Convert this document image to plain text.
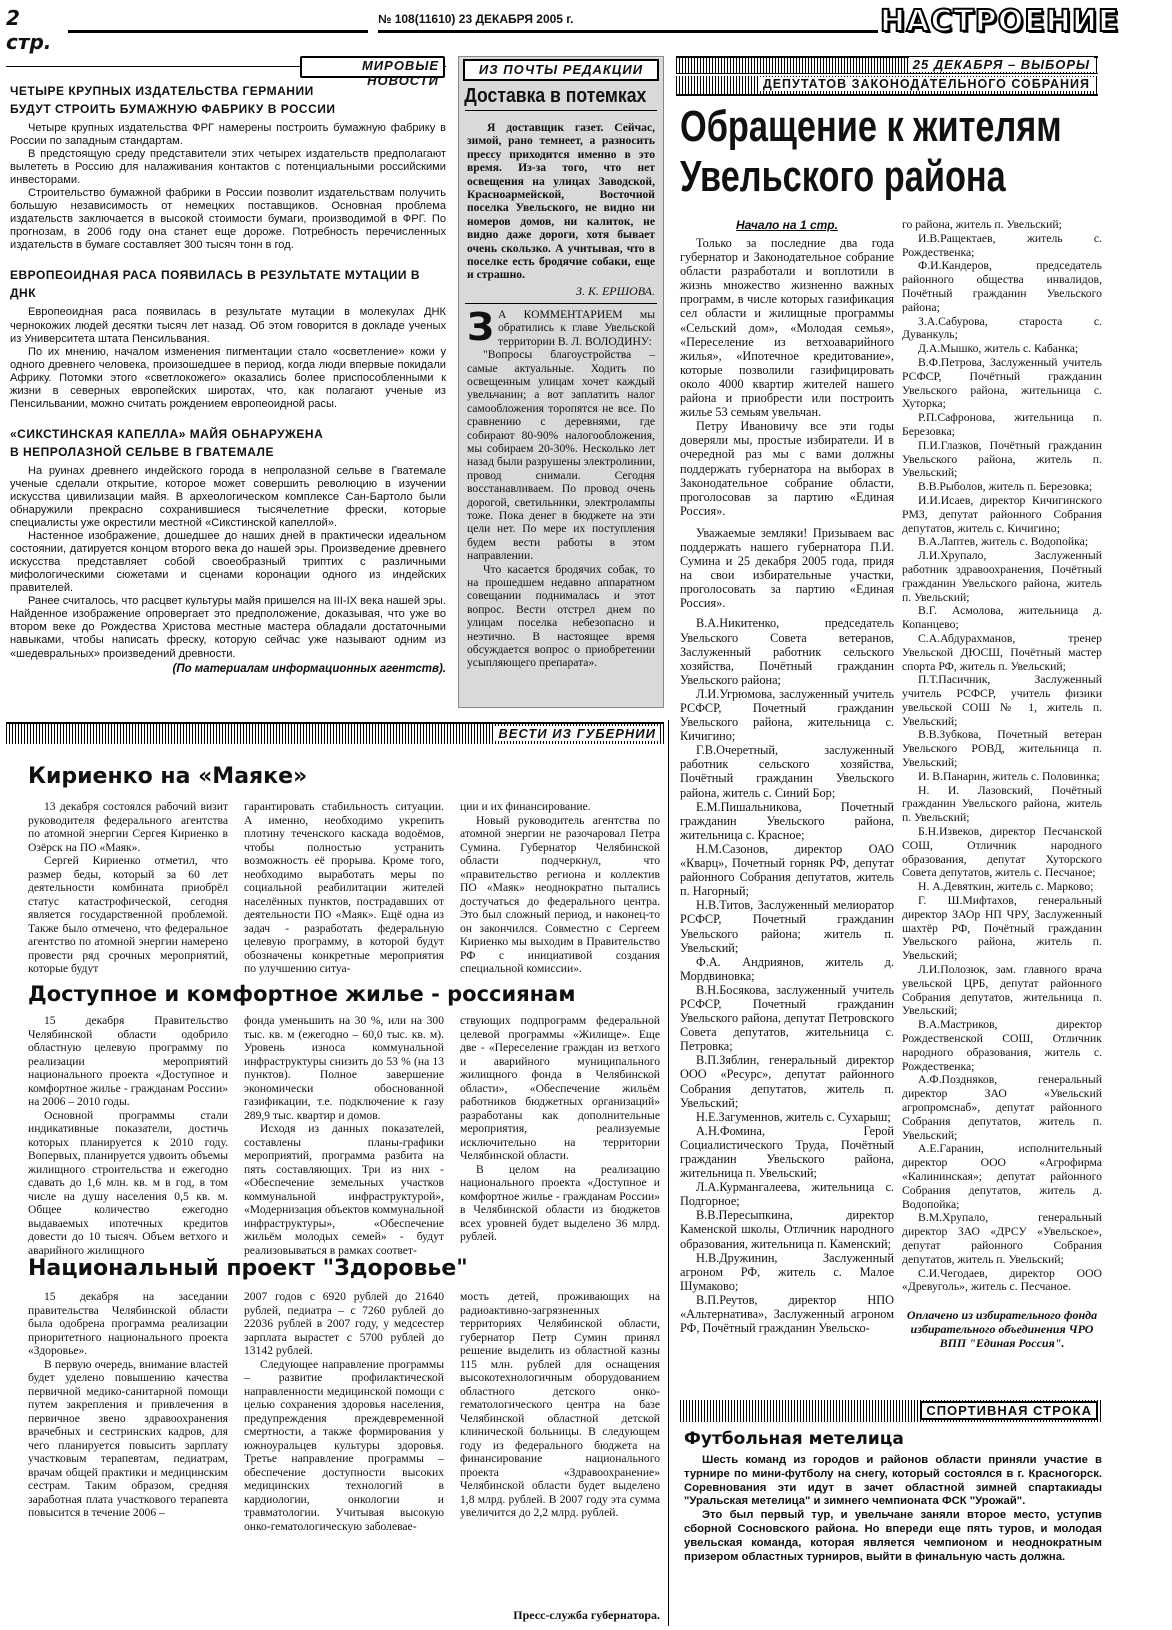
2 стр.
№ 108(11610) 23 ДЕКАБРЯ 2005 г.	НАСТРОЕНИЕ
МИРОВЫЕ НОВОСТИ
ЧЕТЫРЕ КРУПНЫХ ИЗДАТЕЛЬСТВА ГЕРМАНИИ
БУДУТ СТРОИТЬ БУМАЖНУЮ ФАБРИКУ В РОССИИ

Четыре крупных издательства ФРГ намерены построить бумажную фабрику в России по западным стандартам.

В предстоящую среду представители этих четырех издательств предполагают вылететь в Россию для налаживания контактов с потенциальными российскими инвесторами.

Строительство бумажной фабрики в России позволит издательствам получить большую независимость от немецких поставщиков. Основная проблема издательств заключается в высокой стоимости бумаги, производимой в ФРГ. По прогнозам, в 2006 году она станет еще дороже. Потребность перечисленных издательств в бумаге составляет 300 тысяч тонн в год.

ЕВРОПЕОИДНАЯ РАСА ПОЯВИЛАСЬ В РЕЗУЛЬТАТЕ МУТАЦИИ В ДНК

Европеоидная раса появилась в результате мутации в молекулах ДНК чернокожих людей десятки тысяч лет назад. Об этом говорится в докладе ученых из Университета штата Пенсильвания.

По их мнению, началом изменения пигментации стало «осветление» кожи у одного древнего человека, произошедшее в период, когда люди впервые покидали Африку. Потомки этого «светлокожего» оказались более приспособленными к жизни в северных европейских широтах, что, как полагают ученые из Пенсильвании, можно считать рождением европеоидной расы.

«СИКСТИНСКАЯ КАПЕЛЛА» МАЙЯ ОБНАРУЖЕНА
В НЕПРОЛАЗНОЙ СЕЛЬВЕ В ГВАТЕМАЛЕ

На руинах древнего индейского города в непролазной сельве в Гватемале ученые сделали открытие, которое может совершить революцию в изучении искусства цивилизации майя. В археологическом комплексе Сан-Бартоло были обнаружили прекрасно сохранившиеся тысячелетние фрески, которые специалисты уже окрестили местной «Сикстинской капеллой».

Настенное изображение, дошедшее до наших дней в практически идеальном состоянии, датируется концом второго века до нашей эры. Произведение древнего искусства представляет собой своеобразный триптих с различными мифологическими сюжетами и сценами коронации одного из индейских правителей.

Ранее считалось, что расцвет культуры майя пришелся на III-IX века нашей эры. Найденное изображение опровергает это предположение, доказывая, что уже во втором веке до Рождества Христова местные мастера обладали достаточными навыками, чтобы написать фреску, которую сейчас уже называют одним из «шедевральных» произведений древности.

(По материалам информационных агентств).
ИЗ ПОЧТЫ РЕДАКЦИИ
Доставка в потемках
Я доставщик газет. Сейчас, зимой, рано темнеет, а разносить прессу приходится именно в это время. Из-за того, что нет освещения на улицах Заводской, Красноармейской, Восточной поселка Увельского, не видно ни номеров домов, ни калиток, не видно даже дороги, хотя бывает очень скользко. А учитывая, что в поселке есть бродячие собаки, еще и страшно.
З. К. ЕРШОВА.
З А КОММЕНТАРИЕМ мы обратились к главе Увельской территории В. Л. ВОЛОДИНУ:

"Вопросы благоустройства – самые актуальные. Ходить по освещенным улицам хочет каждый увельчанин; а вот заплатить налог самообложения торопятся не все. По сравнению с деревнями, где собирают 80-90% налогообложения, мы собираем 20-30%. Несколько лет назад были разрушены электролинии, провод снимали. Сегодня восстанавливаем. По провод очень дорогой, светильники, электролампы тоже. Пока денег в бюджете на эти цели нет. По мере их поступления будем вести работы в этом направлении.

Что касается бродячих собак, то на прошедшем недавно аппаратном совещании поднималась и этот вопрос. Вести отстрел днем по улицам поселка небезопасно и неэтично. В настоящее время обсуждается вопрос о приобретении усыпляющего препарата».

25 ДЕКАБРЯ – ВЫБОРЫ
ДЕПУТАТОВ ЗАКОНОДАТЕЛЬНОГО СОБРАНИЯ
Обращение к жителям
Увельского района
Начало на 1 стр.

Только за последние два года губернатор и Законодательное собрание области разработали и воплотили в жизнь множество жизненно важных программ, в числе которых газификация сел области и жилищные программы «Сельский дом», «Молодая семья», «Переселение из ветхоаварийного жилья», «Ипотечное кредитование», которые позволили газифицировать около 4000 квартир жителей нашего района и приобрести или построить жилье 53 семьям увельчан.

Петру Ивановичу все эти годы доверяли мы, простые избиратели. И в очередной раз мы с вами должны поддержать губернатора на выборах в Законодательное собрание области, проголосовав за партию «Единая Россия».

Уважаемые земляки! Призываем вас поддержать нашего губернатора П.И. Сумина и 25 декабря 2005 года, придя на свои избирательные участки, проголосовать за партию «Единая Россия».

В.А.Никитенко, председатель Увельского Совета ветеранов, Заслуженный работник сельского хозяйства, Почётный гражданин Увельского района;

Л.И.Угрюмова, заслуженный учитель РСФСР, Почетный гражданин Увельского района, жительница с. Кичигино;

Г.В.Очеретный, заслуженный работник сельского хозяйства, Почётный гражданин Увельского района, житель с. Синий Бор;

Е.М.Пишальникова, Почетный гражданин Увельского района, жительница с. Красное;

Н.М.Сазонов, директор ОАО «Кварц», Почетный горняк РФ, депутат районного Собрания депутатов, житель п. Нагорный;

Н.В.Титов, Заслуженный мелиоратор РСФСР, Почетный гражданин Увельского района; житель п. Увельский;

Ф.А. Андриянов, житель д. Мордвиновка;

В.Н.Босякова, заслуженный учитель РСФСР, Почетный гражданин Увельского района, депутат Петровского Совета депутатов, жительница с. Петровка;

В.П.Зяблин, генеральный директор ООО «Ресурс», депутат районного Собрания депутатов, житель п. Увельский;

Н.Е.Загуменнов, житель с. Сухарыш;

А.Н.Фомина, Герой Социалистического Труда, Почётный гражданин Увельского района, жительница п. Увельский;

Л.А.Курмангалеева, жительница с. Подгорное;

В.В.Пересыпкина, директор Каменской школы, Отличник народного образования, жительница п. Каменский;

Н.В.Дружинин, Заслуженный агроном РФ, житель с. Малое Шумаково;

В.П.Реутов, директор НПО «Альтернатива», Заслуженный агроном РФ, Почётный гражданин Увельско-

го района, житель п. Увельский;

И.В.Ращектаев, житель с. Рождественка;

Ф.И.Кандеров, председатель районного общества инвалидов, Почётный гражданин Увельского района;

З.А.Сабурова, староста с. Дуванкуль;

Д.А.Мышко, житель с. Кабанка;

В.Ф.Петрова, Заслуженный учитель РСФСР, Почётный гражданин Увельского района, жительница с. Хуторка;

Р.П.Сафронова, жительница п. Березовка;

П.И.Глазков, Почётный гражданин Увельского района, житель п. Увельский;

В.В.Рыболов, житель п. Березовка;

И.И.Исаев, директор Кичигинского РМЗ, депутат районного Собрания депутатов, житель с. Кичигино;

В.А.Лаптев, житель с. Водопойка;

Л.И.Хрупало, Заслуженный работник здравоохранения, Почётный гражданин Увельского района, житель п. Увельский;

В.Г. Асмолова, жительница д. Копанцево;

С.А.Абдурахманов, тренер Увельской ДЮСШ, Почётный мастер спорта РФ, житель п. Увельский;

П.Т.Пасичник, Заслуженный учитель РСФСР, учитель физики увельской СОШ № 1, житель п. Увельский;

В.В.Зубкова, Почетный ветеран Увельского РОВД, жительница п. Увельский;

И. В.Панарин, житель с. Половинка;

Н. И. Лазовский, Почётный гражданин Увельского района, житель п. Увельский;

Б.Н.Извеков, директор Песчанской СОШ, Отличник народного образования, депутат Хуторского Совета депутатов, житель с. Песчаное;

Н. А.Девяткин, житель с. Марково;

Г. Ш.Мифтахов, генеральный директор ЗАОр НП ЧРУ, Заслуженный шахтёр РФ, Почётный гражданин Увельского района, житель п. Увельский;

Л.И.Полозюк, зам. главного врача увельской ЦРБ, депутат районного Собрания депутатов, жительница п. Увельский;

В.А.Мастриков, директор Рождественской СОШ, Отличник народного образования, житель с. Рождественка;

А.Ф.Поздняков, генеральный директор ЗАО «Увельский агропромснаб», депутат районного Собрания депутатов, житель п. Увельский;

А.Е.Гаранин, исполнительный директор ООО «Агрофирма «Калининская»; депутат районного Собрания депутатов, житель д. Водопойка;

В.М.Хрупало, генеральный директор ЗАО «ДРСУ «Увельское», депутат районного Собрания депутатов, житель п. Увельский;

С.И.Чегодаев, директор ООО «Древуголь», житель с. Песчаное.

Оплачено из избирательного фонда избирательного объединения ЧРО ВПП "Единая Россия".
СПОРТИВНАЯ СТРОКА
Футбольная метелица

Шесть команд из городов и районов области приняли участие в турнире по мини-футболу на снегу, который состоялся в г. Красногорск. Соревнования эти идут в зачет областной зимней спартакиады "Уральская метелица" и зимнего чемпионата ФСК "Урожай".

Это был первый тур, и увельчане заняли второе место, уступив сборной Сосновского района. Но впереди еще пять туров, и молодая увельская команда, которая является чемпионом и неоднократным призером областных турниров, выйти в финальную часть должна.

ВЕСТИ ИЗ ГУБЕРНИИ
Кириенко на «Маяке»

13 декабря состоялся рабочий визит руководителя федерального агентства по атомной энергии Сергея Кириенко в Озёрск на ПО «Маяк».

Сергей Кириенко отметил, что размер беды, который за 60 лет деятельности комбината приобрёл статус катастрофической, сегодня является государственной проблемой. Также было отмечено, что федеральное агентство по атомной энергии намерено провести ряд срочных мероприятий, которые будут

гарантировать стабильность ситуации. А именно, необходимо укрепить плотину теченского каскада водоёмов, чтобы полностью устранить возможность её прорыва. Кроме того, необходимо выработать меры по социальной реабилитации жителей населённых пунктов, пострадавших от деятельности ПО «Маяк». Ещё одна из задач - разработать федеральную целевую программу, в которой будут обозначены конкретные мероприятия по улучшению ситуа-

ции и их финансирование.

Новый руководитель агентства по атомной энергии не разочаровал Петра Сумина. Губернатор Челябинской области подчеркнул, что «правительство региона и коллектив ПО «Маяк» неоднократно пытались достучаться до федерального центра. Это был сложный период, и наконец-то он закончился. Совместно с Сергеем Кириенко мы выходим в Правительство РФ с инициативой создания специальной комиссии».

Доступное и комфортное жилье - россиянам

15 декабря Правительство Челябинской области одобрило областную целевую программу по реализации мероприятий национального проекта «Доступное и комфортное жилье - гражданам России» на 2006 – 2010 годы.

Основной программы стали индикативные показатели, достичь которых планируется к 2010 году. Вопервых, планируется удвоить объемы жилищного строительства и ежегодно сдавать до 1,6 млн. кв. м в год, в том числе на душу населения 0,5 кв. м. Общее количество ежегодно выдаваемых ипотечных кредитов довести до 10 тысяч. Объем ветхого и аварийного жилищного

фонда уменьшить на 30 %, или на 300 тыс. кв. м (ежегодно – 60,0 тыс. кв. м). Уровень износа коммунальной инфраструктуры снизить до 53 % (на 13 пунктов). Полное завершение экономически обоснованной газификации, т.е. подключение к газу 289,9 тыс. квартир и домов.

Исходя из данных показателей, составлены планы-графики мероприятий, программа разбита на пять составляющих. Три из них - «Обеспечение земельных участков коммунальной инфраструктурой», «Модернизация объектов коммунальной инфраструктуры», «Обеспечение жильём молодых семей» - будут реализовываться в рамках соответ-

ствующих подпрограмм федеральной целевой программы «Жилище». Еще две - «Переселение граждан из ветхого и аварийного муниципального жилищного фонда в Челябинской области», «Обеспечение жильём работников бюджетных организаций» разработаны как дополнительные мероприятия, реализуемые исключительно на территории Челябинской области.

В целом на реализацию национального проекта «Доступное и комфортное жилье - гражданам России» в Челябинской области из бюджетов всех уровней будет выделено 36 млрд. рублей.

Национальный проект "Здоровье"

15 декабря на заседании правительства Челябинской области была одобрена программа реализации приоритетного национального проекта «Здоровье».

В первую очередь, внимание властей будет уделено повышению качества первичной медико-санитарной помощи путем закрепления и привлечения в первичное звено здравоохранения врачебных и сестринских кадров, для чего планируется повысить зарплату участковым терапевтам, педиатрам, врачам общей практики и медицинским сестрам. Таким образом, средняя заработная плата участкового терапевта повысится в течение 2006 –

2007 годов с 6920 рублей до 21640 рублей, педиатра – с 7260 рублей до 22036 рублей в 2007 году, у медсестер зарплата вырастет с 5700 рублей до 13142 рублей.

Следующее направление программы – развитие профилактической направленности медицинской помощи с целью сохранения здоровья населения, предупреждения преждевременной смертности, а также формирования у южноуральцев культуры здоровья. Третье направление программы – обеспечение доступности высоких медицинских технологий в кардиологии, онкологии и травматологии. Учитывая высокую онко-гематологическую заболевае-

мость детей, проживающих на радиоактивно-загрязненных территориях Челябинской области, губернатор Петр Сумин принял решение выделить из областной казны 115 млн. рублей для оснащения высокотехнологичным оборудованием областного детского онко-гематологического центра на базе Челябинской областной детской клинической больницы. В следующем году из федерального бюджета на финансирование национального проекта «Здравоохранение» Челябинской области будет выделено 1,8 млрд. рублей. В 2007 году эта сумма увеличится до 2,2 млрд. рублей.

Пресс-служба губернатора.
